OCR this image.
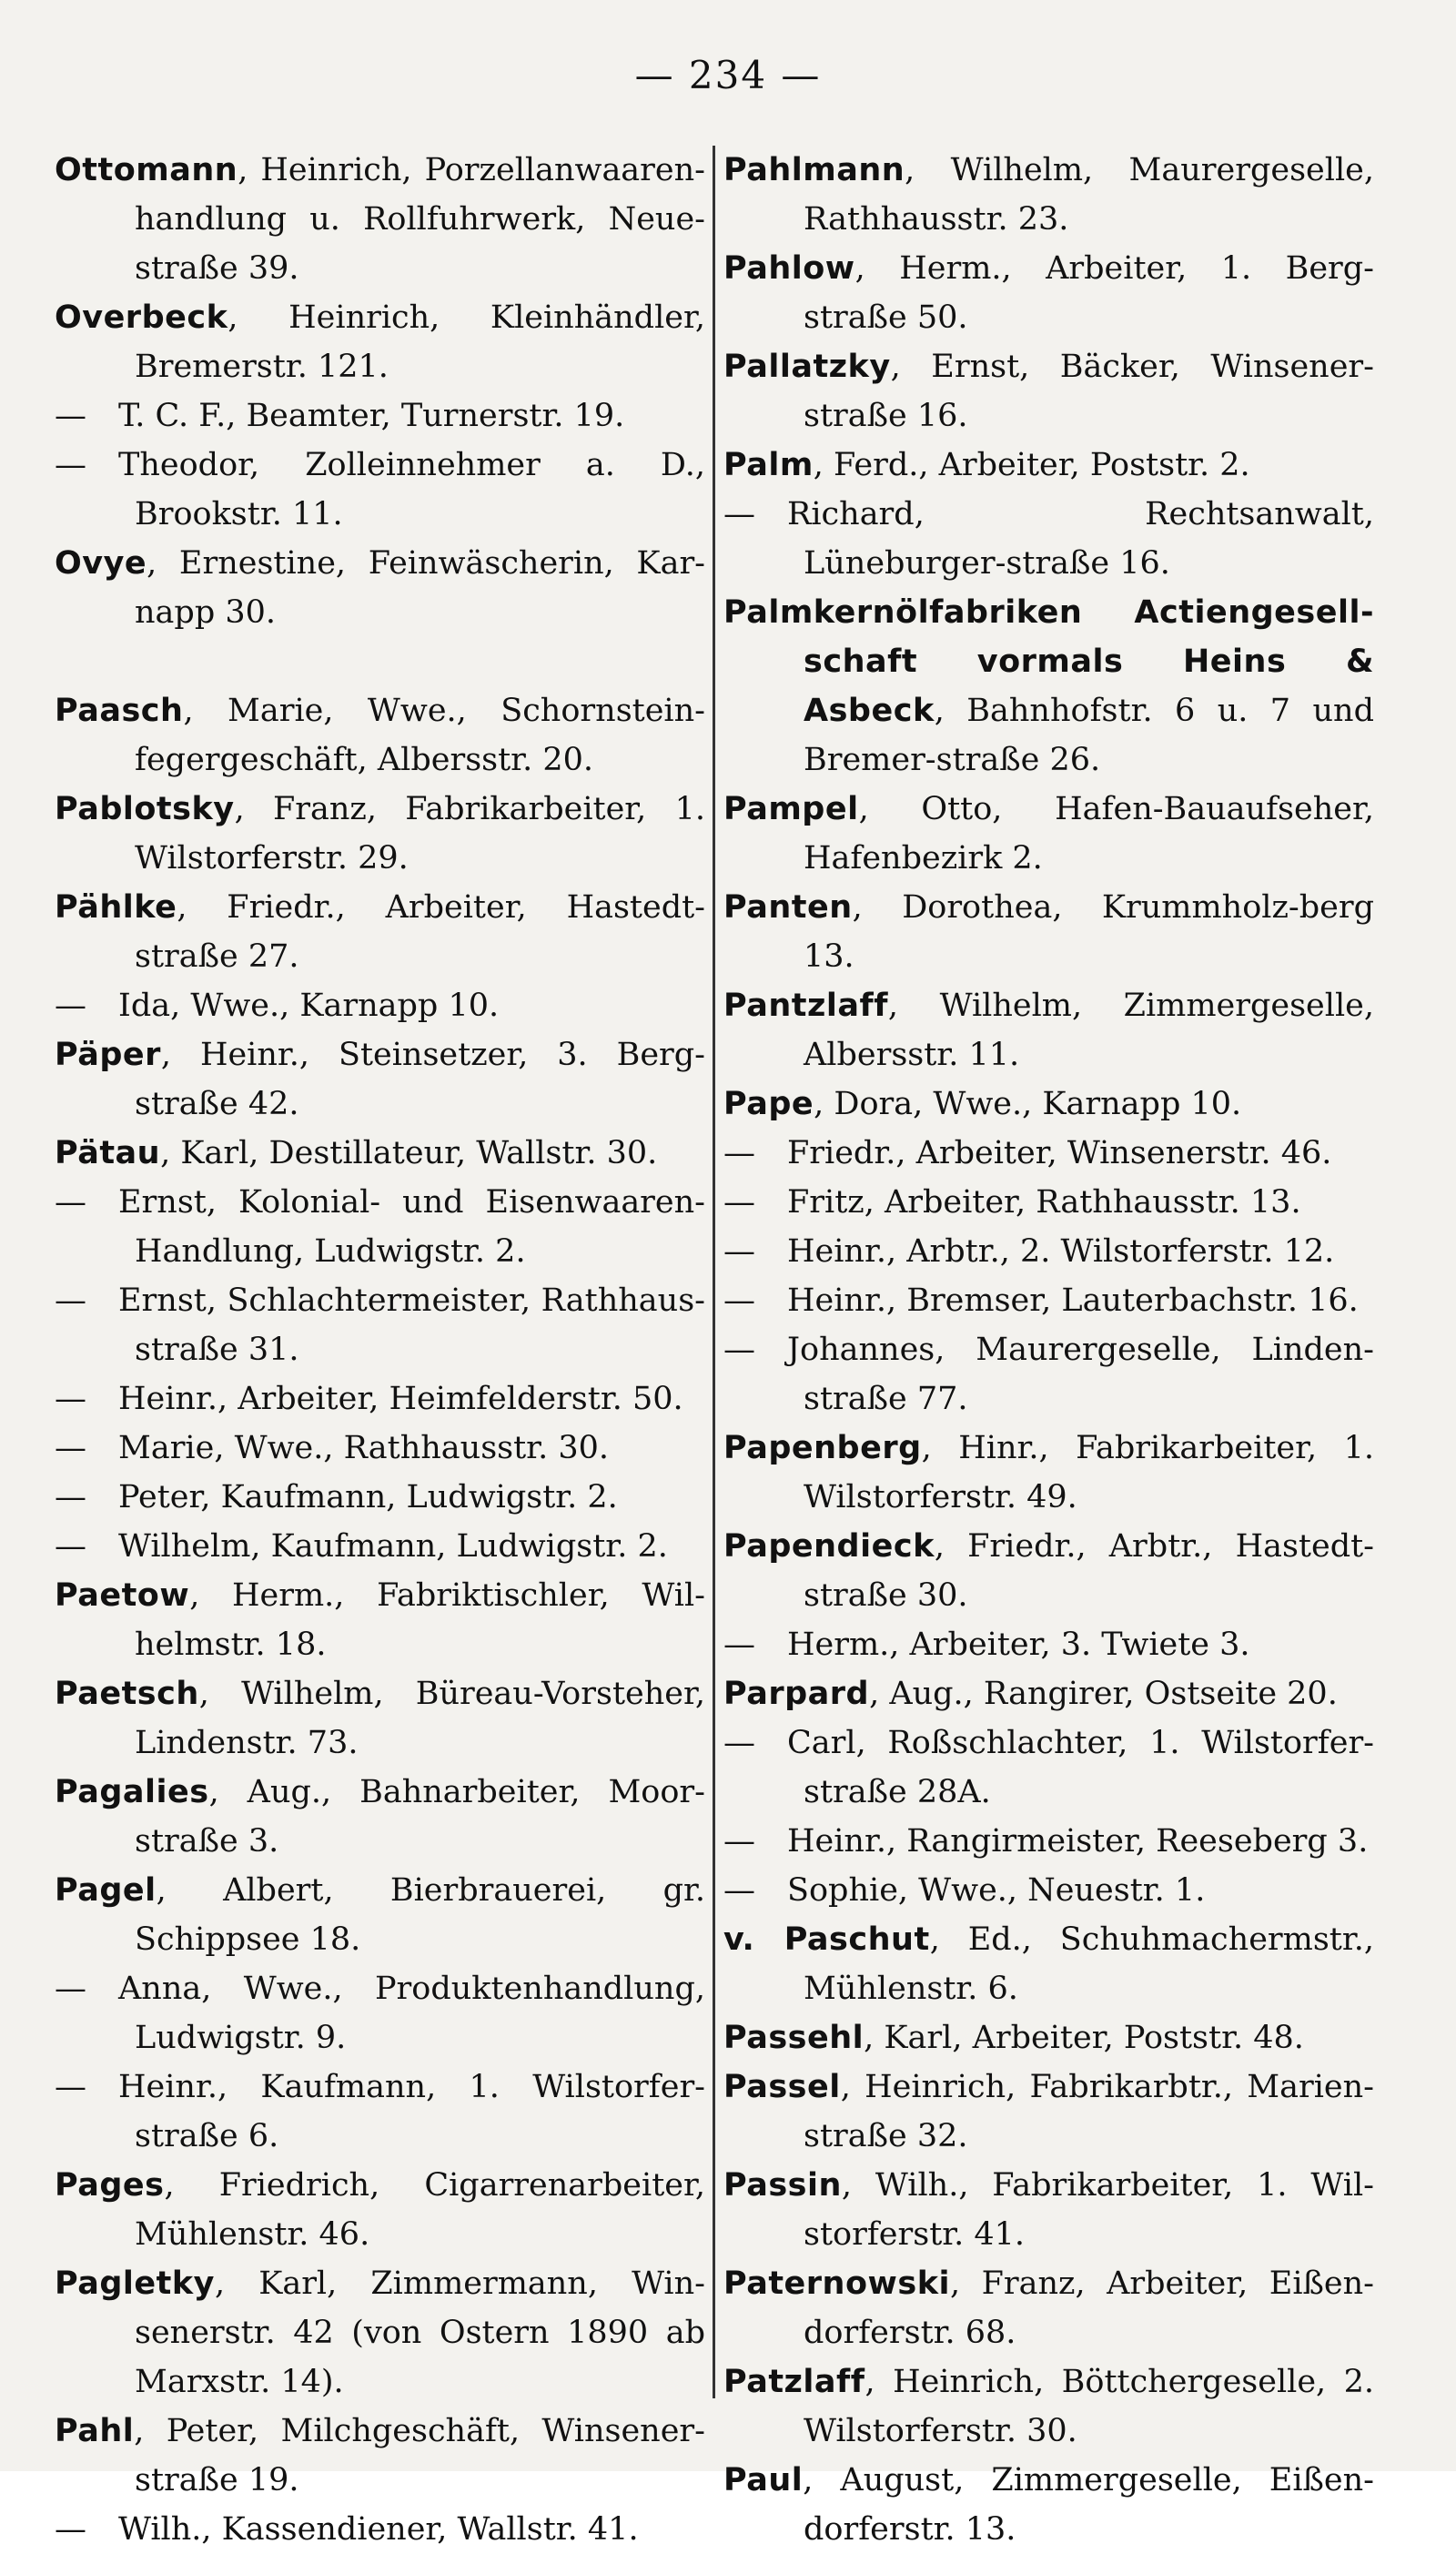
— 234 —

Ottomann, Heinrich, Porzellanwaaren-handlung u. Rollfuhrwerk, Neue-straße 39.

Overbeck, Heinrich, Kleinhändler, Bremerstr. 121.

— T. C. F., Beamter, Turnerstr. 19.

— Theodor, Zolleinnehmer a. D., Brookstr. 11.

Ovye, Ernestine, Feinwäscherin, Kar-napp 30.

Paasch, Marie, Wwe., Schornstein-fegergeschäft, Albersstr. 20.

Pablotsky, Franz, Fabrikarbeiter, 1. Wilstorferstr. 29.

Pählke, Friedr., Arbeiter, Hastedt-straße 27.

— Ida, Wwe., Karnapp 10.

Päper, Heinr., Steinsetzer, 3. Berg-straße 42.

Pätau, Karl, Destillateur, Wallstr. 30.

— Ernst, Kolonial- und Eisenwaaren-Handlung, Ludwigstr. 2.

— Ernst, Schlachtermeister, Rathhaus-straße 31.

— Heinr., Arbeiter, Heimfelderstr. 50.

— Marie, Wwe., Rathhausstr. 30.

— Peter, Kaufmann, Ludwigstr. 2.

— Wilhelm, Kaufmann, Ludwigstr. 2.

Paetow, Herm., Fabriktischler, Wil-helmstr. 18.

Paetsch, Wilhelm, Büreau-Vorsteher, Lindenstr. 73.

Pagalies, Aug., Bahnarbeiter, Moor-straße 3.

Pagel, Albert, Bierbrauerei, gr. Schippsee 18.

— Anna, Wwe., Produktenhandlung, Ludwigstr. 9.

— Heinr., Kaufmann, 1. Wilstorfer-straße 6.

Pages, Friedrich, Cigarrenarbeiter, Mühlenstr. 46.

Pagletky, Karl, Zimmermann, Win-senerstr. 42 (von Ostern 1890 ab Marxstr. 14).

Pahl, Peter, Milchgeschäft, Winsener-straße 19.

— Wilh., Kassendiener, Wallstr. 41.

Pahlmann, Wilhelm, Maurergeselle, Rathhausstr. 23.

Pahlow, Herm., Arbeiter, 1. Berg-straße 50.

Pallatzky, Ernst, Bäcker, Winsener-straße 16.

Palm, Ferd., Arbeiter, Poststr. 2.

— Richard, Rechtsanwalt, Lüneburger-straße 16.

Palmkernölfabriken Actiengesell-schaft vormals Heins & Asbeck, Bahnhofstr. 6 u. 7 und Bremer-straße 26.

Pampel, Otto, Hafen-Bauaufseher, Hafenbezirk 2.

Panten, Dorothea, Krummholz-berg 13.

Pantzlaff, Wilhelm, Zimmergeselle, Albersstr. 11.

Pape, Dora, Wwe., Karnapp 10.

— Friedr., Arbeiter, Winsenerstr. 46.

— Fritz, Arbeiter, Rathhausstr. 13.

— Heinr., Arbtr., 2. Wilstorferstr. 12.

— Heinr., Bremser, Lauterbachstr. 16.

— Johannes, Maurergeselle, Linden-straße 77.

Papenberg, Hinr., Fabrikarbeiter, 1. Wilstorferstr. 49.

Papendieck, Friedr., Arbtr., Hastedt-straße 30.

— Herm., Arbeiter, 3. Twiete 3.

Parpard, Aug., Rangirer, Ostseite 20.

— Carl, Roßschlachter, 1. Wilstorfer-straße 28A.

— Heinr., Rangirmeister, Reeseberg 3.

— Sophie, Wwe., Neuestr. 1.

v. Paschut, Ed., Schuhmachermstr., Mühlenstr. 6.

Passehl, Karl, Arbeiter, Poststr. 48.

Passel, Heinrich, Fabrikarbtr., Marien-straße 32.

Passin, Wilh., Fabrikarbeiter, 1. Wil-storferstr. 41.

Paternowski, Franz, Arbeiter, Eißen-dorferstr. 68.

Patzlaff, Heinrich, Böttchergeselle, 2. Wilstorferstr. 30.

Paul, August, Zimmergeselle, Eißen-dorferstr. 13.
